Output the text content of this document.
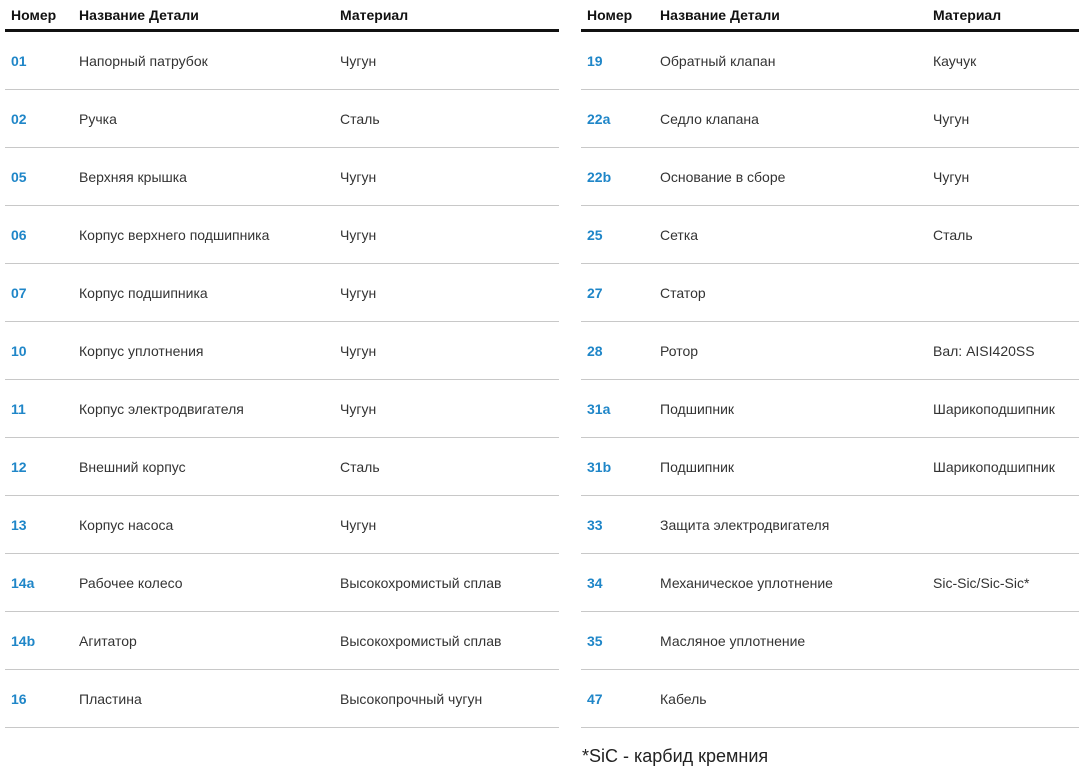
Номер	Название Детали	Материал
01	Напорный патрубок	Чугун
02	Ручка	Сталь
05	Верхняя крышка	Чугун
06	Корпус верхнего подшипника	Чугун
07	Корпус подшипника	Чугун
10	Корпус уплотнения	Чугун
11	Корпус электродвигателя	Чугун
12	Внешний корпус	Сталь
13	Корпус насоса	Чугун
14a	Рабочее колесо	Высокохромистый сплав
14b	Агитатор	Высокохромистый сплав
16	Пластина	Высокопрочный чугун
Номер	Название Детали	Материал
19	Обратный клапан	Каучук
22a	Седло клапана	Чугун
22b	Основание в сборе	Чугун
25	Сетка	Сталь
27	Статор
28	Ротор	Вал: AISI420SS
31a	Подшипник	Шарикоподшипник
31b	Подшипник	Шарикоподшипник
33	Защита электродвигателя
34	Механическое уплотнение	Sic-Sic/Sic-Sic*
35	Масляное уплотнение
47	Кабель
*SiC - карбид кремния
